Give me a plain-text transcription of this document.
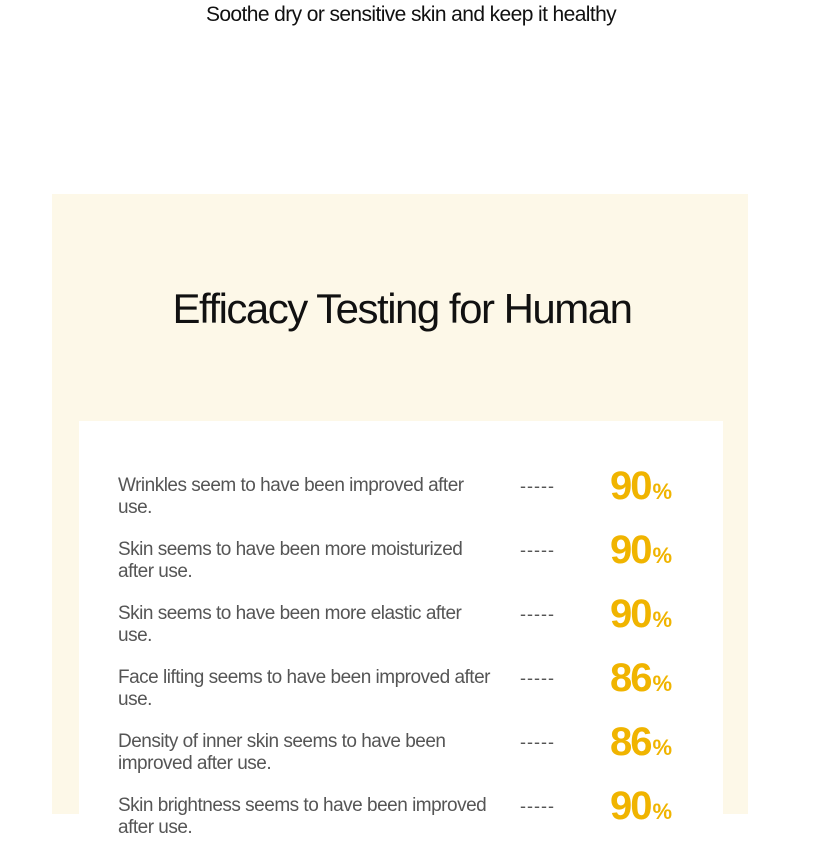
Soothe dry or sensitive skin and keep it healthy
Efficacy Testing for Human
Wrinkles seem to have been improved after use.
----- 90%
Skin seems to have been more moisturized after use.
----- 90%
Skin seems to have been more elastic after use.
----- 90%
Face lifting seems to have been improved after use.
----- 86%
Density of inner skin seems to have been improved after use.
----- 86%
Skin brightness seems to have been improved after use.
----- 90%
